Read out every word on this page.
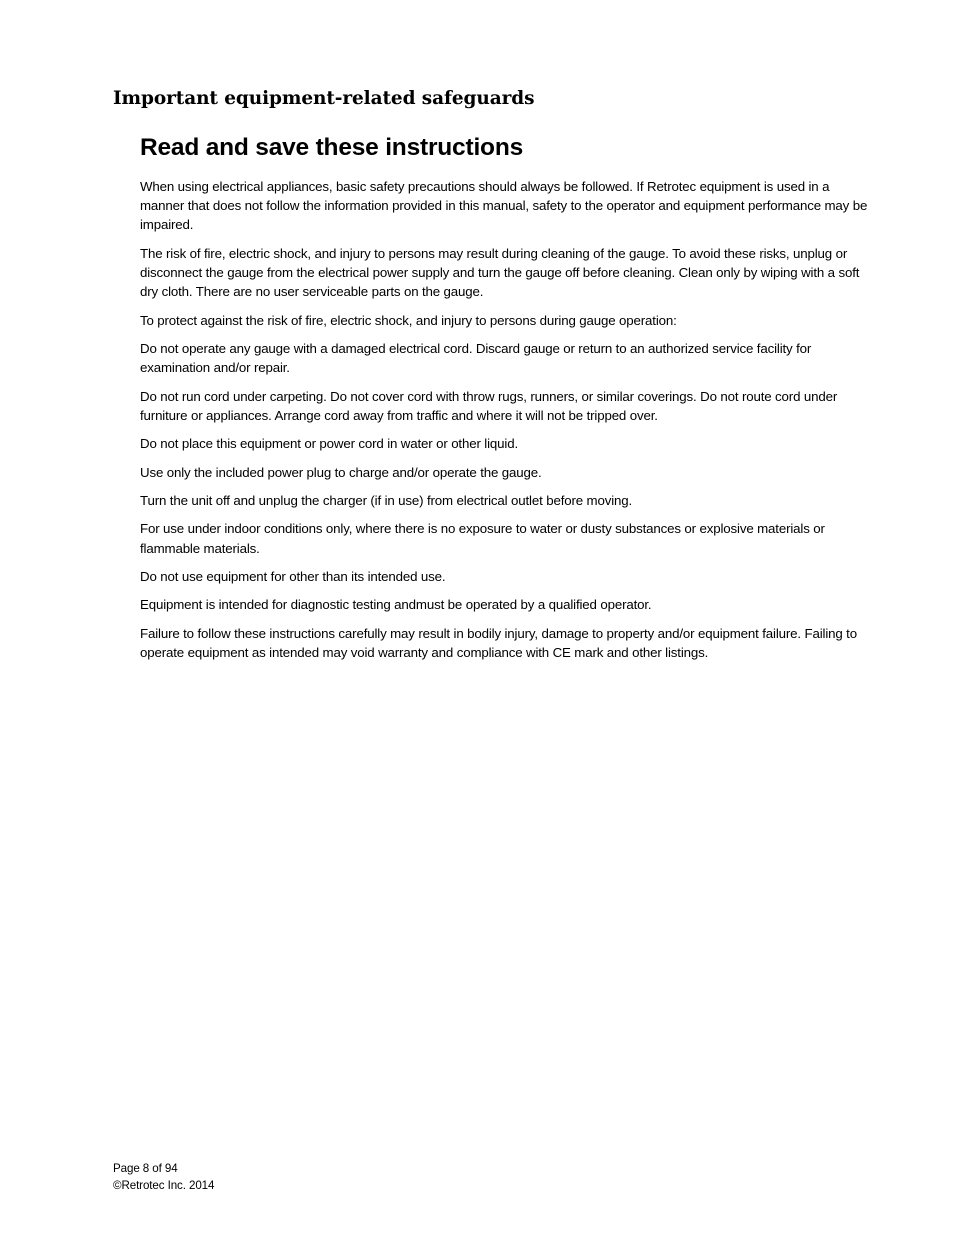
Important equipment-related safeguards
Read and save these instructions

When using electrical appliances, basic safety precautions should always be followed. If Retrotec equipment is used in a manner that does not follow the information provided in this manual, safety to the operator and equipment performance may be impaired.

The risk of fire, electric shock, and injury to persons may result during cleaning of the gauge. To avoid these risks, unplug or disconnect the gauge from the electrical power supply and turn the gauge off before cleaning. Clean only by wiping with a soft dry cloth. There are no user serviceable parts on the gauge.

To protect against the risk of fire, electric shock, and injury to persons during gauge operation:

Do not operate any gauge with a damaged electrical cord. Discard gauge or return to an authorized service facility for examination and/or repair.

Do not run cord under carpeting. Do not cover cord with throw rugs, runners, or similar coverings. Do not route cord under furniture or appliances. Arrange cord away from traffic and where it will not be tripped over.

Do not place this equipment or power cord in water or other liquid.

Use only the included power plug to charge and/or operate the gauge.

Turn the unit off and unplug the charger (if in use) from electrical outlet before moving.

For use under indoor conditions only, where there is no exposure to water or dusty substances or explosive materials or flammable materials.

Do not use equipment for other than its intended use.

Equipment is intended for diagnostic testing andmust be operated by a qualified operator.

Failure to follow these instructions carefully may result in bodily injury, damage to property and/or equipment failure. Failing to operate equipment as intended may void warranty and compliance with CE mark and other listings.

Page 8 of 94
©Retrotec Inc. 2014
